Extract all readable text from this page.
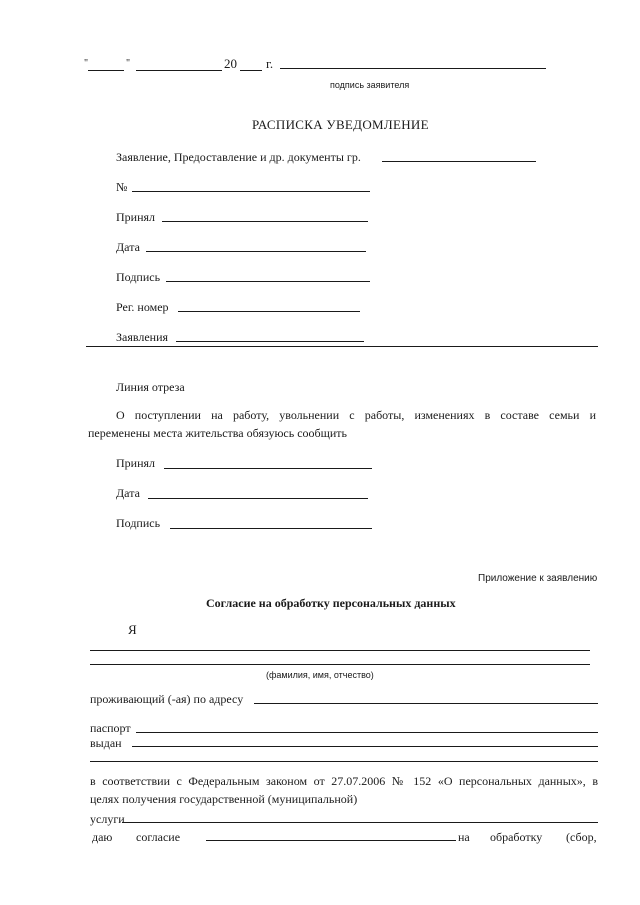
"	"	20 г.
подпись заявителя
РАСПИСКА УВЕДОМЛЕНИЕ
Заявление, Предоставление и др. документы гр.
№
Принял
Дата
Подпись
Рег. номер
Заявления
Линия отреза
О поступлении на работу, увольнении с работы, изменениях в составе семьи и
переменены места жительства обязуюсь сообщить
Принял
Дата
Подпись
Приложение к заявлению
Согласие на обработку персональных данных
Я
(фамилия, имя, отчество)
проживающий (-ая) по адресу
паспорт
выдан
в соответствии с Федеральным законом от 27.07.2006 № 152 «О персональных данных», в
целях получения государственной (муниципальной)
услуги
даю согласие	на обработку (сбор,
